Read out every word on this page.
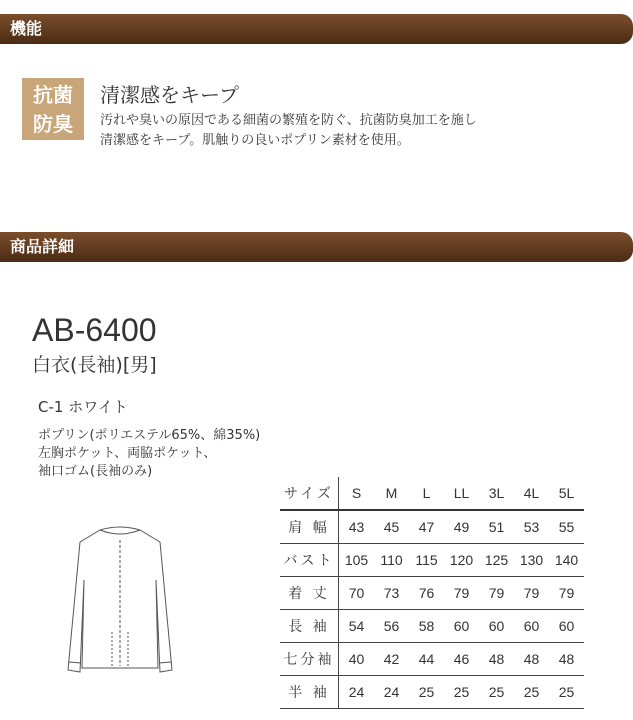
機能
抗菌
防臭
清潔感をキープ
汚れや臭いの原因である細菌の繁殖を防ぐ、抗菌防臭加工を施し
清潔感をキープ。肌触りの良いポプリン素材を使用。
商品詳細
AB-6400
白衣(長袖)[男]
C-1 ホワイト
ポプリン(ポリエステル65%、綿35%)
左胸ポケット、両脇ポケット、
袖口ゴム(長袖のみ)
サイズ	S	M	L	LL	3L	4L	5L
肩 幅	43	45	47	49	51	53	55
バスト	105	110	115	120	125	130	140
着 丈	70	73	76	79	79	79	79
長 袖	54	56	58	60	60	60	60
七分袖	40	42	44	46	48	48	48
半 袖	24	24	25	25	25	25	25
